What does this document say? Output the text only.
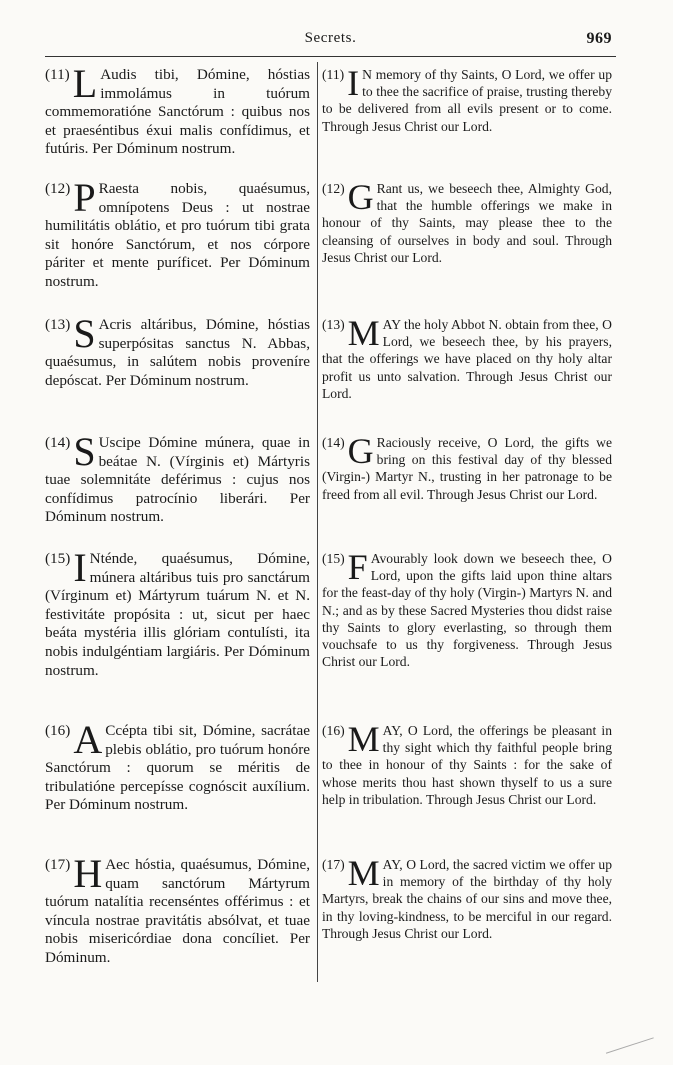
Secrets.	969
(11) L Audis tibi, Dómine, hóstias immolámus in tuórum commemoratióne Sanctórum : quibus nos et praeséntibus éxui malis confídimus, et futúris. Per Dóminum nostrum.
(12) P Raesta nobis, quaésumus, omnípotens Deus : ut nostrae humilitátis oblátio, et pro tuórum tibi grata sit honóre Sanctórum, et nos córpore páriter et mente puríficet. Per Dóminum nostrum.
(13) S Acris altáribus, Dómine, hóstias superpósitas sanctus N. Abbas, quaésumus, in salútem nobis proveníre depóscat. Per Dóminum nostrum.
(14) S Uscipe Dómine múnera, quae in beátae N. (Vírginis et) Mártyris tuae solemnitáte deférimus : cujus nos confídimus patrocínio liberári. Per Dóminum nostrum.
(15) I Nténde, quaésumus, Dómine, múnera altáribus tuis pro sanctárum (Vírginum et) Mártyrum tuárum N. et N. festivitáte propósita : ut, sicut per haec beáta mystéria illis glóriam contulísti, ita nobis indulgéntiam largiáris. Per Dóminum nostrum.
(16) A Ccépta tibi sit, Dómine, sacrátae plebis oblátio, pro tuórum honóre Sanctórum : quorum se méritis de tribulatióne percepísse cognóscit auxílium. Per Dóminum nostrum.
(17) H Aec hóstia, quaésumus, Dómine, quam sanctórum Mártyrum tuórum natalítia recenséntes offérimus : et víncula nostrae pravitátis absólvat, et tuae nobis misericórdiae dona concíliet. Per Dóminum.
(11) I N memory of thy Saints, O Lord, we offer up to thee the sacrifice of praise, trusting thereby to be delivered from all evils present or to come. Through Jesus Christ our Lord.
(12) G Rant us, we beseech thee, Almighty God, that the humble offerings we make in honour of thy Saints, may please thee to the cleansing of ourselves in body and soul. Through Jesus Christ our Lord.
(13) M AY the holy Abbot N. obtain from thee, O Lord, we beseech thee, by his prayers, that the offerings we have placed on thy holy altar profit us unto salvation. Through Jesus Christ our Lord.
(14) G Raciously receive, O Lord, the gifts we bring on this festival day of thy blessed (Virgin-) Martyr N., trusting in her patronage to be freed from all evil. Through Jesus Christ our Lord.
(15) F Avourably look down we beseech thee, O Lord, upon the gifts laid upon thine altars for the feast-day of thy holy (Virgin-) Martyrs N. and N.; and as by these Sacred Mysteries thou didst raise thy Saints to glory everlasting, so through them vouchsafe to us thy forgiveness. Through Jesus Christ our Lord.
(16) M AY, O Lord, the offerings be pleasant in thy sight which thy faithful people bring to thee in honour of thy Saints : for the sake of whose merits thou hast shown thyself to us a sure help in tribulation. Through Jesus Christ our Lord.
(17) M AY, O Lord, the sacred victim we offer up in memory of the birthday of thy holy Martyrs, break the chains of our sins and move thee, in thy loving-kindness, to be merciful in our regard. Through Jesus Christ our Lord.
